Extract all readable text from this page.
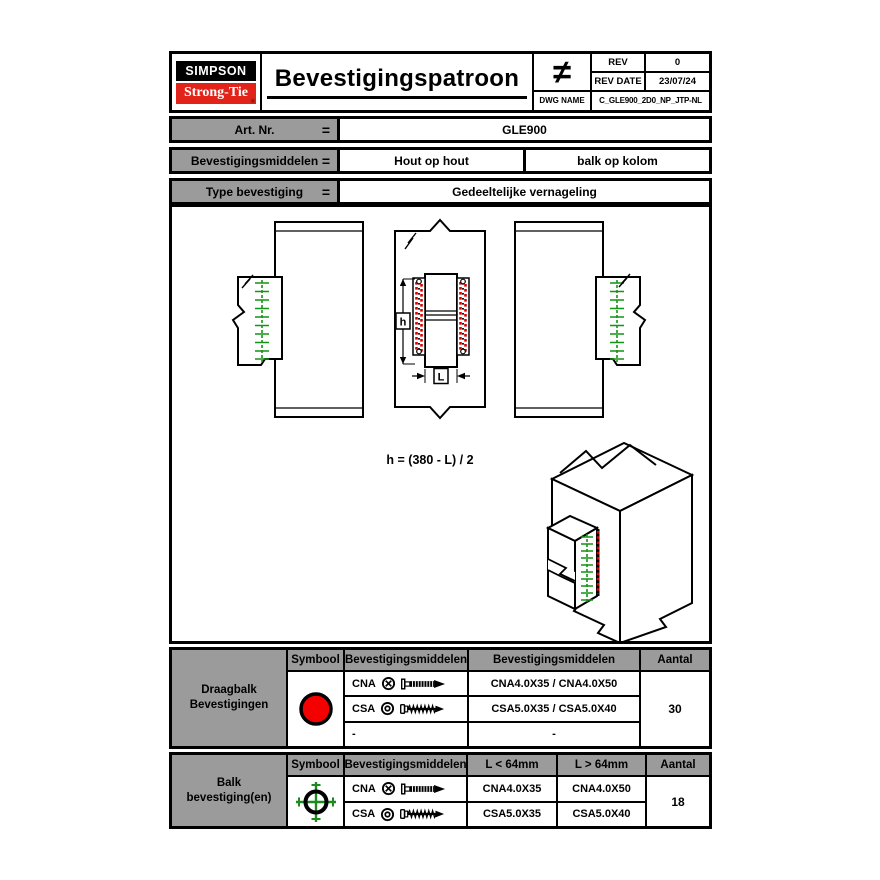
SIMPSON
Strong-Tie
®
Bevestigingspatroon	≠	REV	0
REV DATE	23/07/24
DWG NAME	C_GLE900_2D0_NP_JTP-NL
Art. Nr.	=	GLE900
Bevestigingsmiddelen =	Hout op hout	balk op kolom
Type bevestiging =	Gedeeltelijke vernageling
h
L
h = (380 - L) / 2
Draagbalk
Bevestigingen
Symbool Bevestigingsmiddelen	Bevestigingsmiddelen	Aantal
CNA	CNA4.0X35 / CNA4.0X50
CSA	CSA5.0X35 / CSA5.0X40
-	-
30
Balk
bevestiging(en)
Symbool Bevestigingsmiddelen	L < 64mm	L > 64mm	Aantal
CNA	CNA4.0X35	CNA4.0X50
CSA	CSA5.0X35	CSA5.0X40
18
